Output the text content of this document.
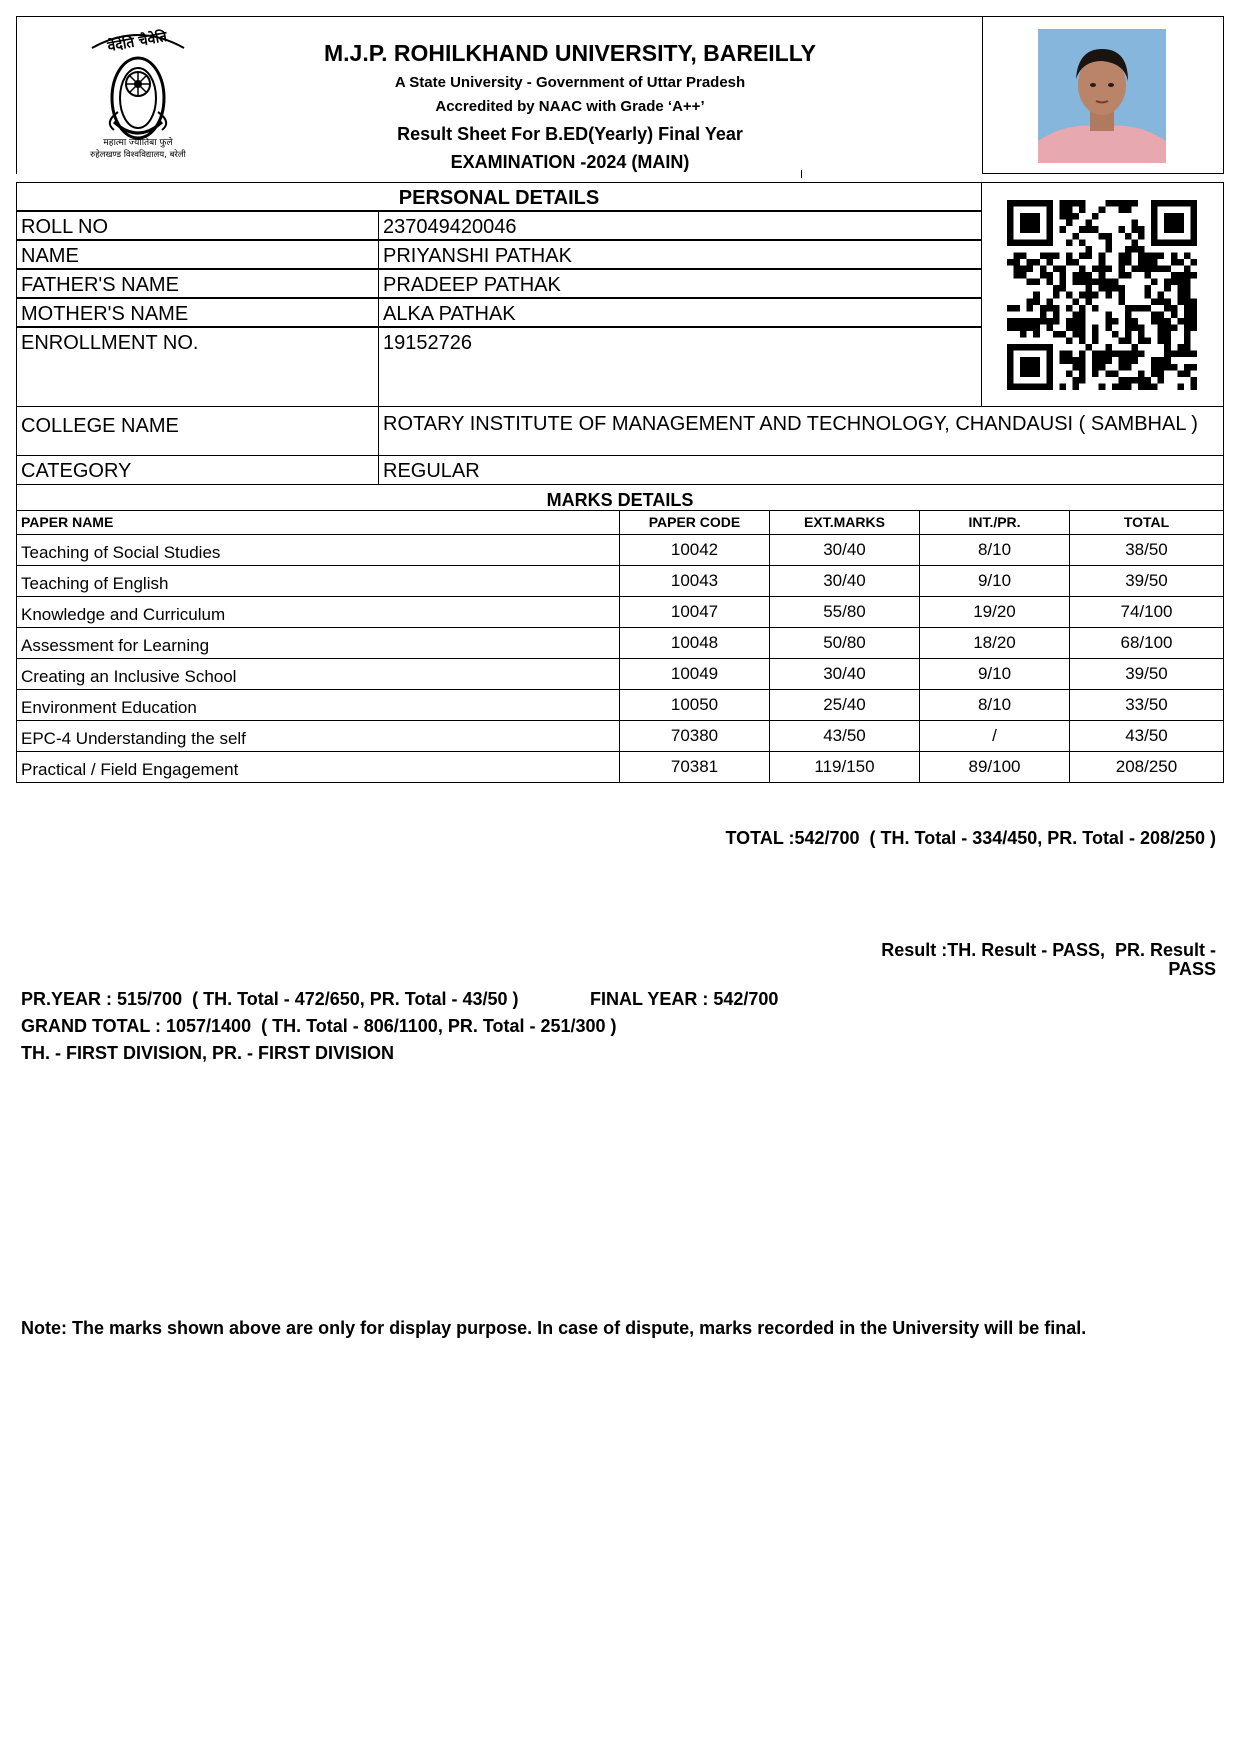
वेदेति चैवेति
महात्मा ज्योतिबा फुले
रुहेलखण्ड विश्वविद्यालय, बरेली
M.J.P. ROHILKHAND UNIVERSITY, BAREILLY
A State University - Government of Uttar Pradesh
Accredited by NAAC with Grade ‘A++’
Result Sheet For B.ED(Yearly) Final Year
EXAMINATION -2024 (MAIN)
PERSONAL DETAILS
ROLL NO	237049420046
NAME	PRIYANSHI PATHAK
FATHER'S NAME	PRADEEP PATHAK
MOTHER'S NAME	ALKA PATHAK
ENROLLMENT NO.	19152726
COLLEGE NAME	ROTARY INSTITUTE OF MANAGEMENT AND TECHNOLOGY, CHANDAUSI ( SAMBHAL )
CATEGORY	REGULAR
MARKS DETAILS
PAPER NAME	PAPER CODE	EXT.MARKS	INT./PR.	TOTAL
Teaching of Social Studies	10042	30/40	8/10	38/50
Teaching of English	10043	30/40	9/10	39/50
Knowledge and Curriculum	10047	55/80	19/20	74/100
Assessment for Learning	10048	50/80	18/20	68/100
Creating an Inclusive School	10049	30/40	9/10	39/50
Environment Education	10050	25/40	8/10	33/50
EPC-4 Understanding the self	70380	43/50	/	43/50
Practical / Field Engagement	70381	119/150	89/100	208/250
TOTAL :542/700  ( TH. Total - 334/450, PR. Total - 208/250 )
Result :TH. Result - PASS,  PR. Result -
PASS
PR.YEAR : 515/700  ( TH. Total - 472/650, PR. Total - 43/50 )	FINAL YEAR : 542/700
GRAND TOTAL : 1057/1400  ( TH. Total - 806/1100, PR. Total - 251/300 )
TH. - FIRST DIVISION, PR. - FIRST DIVISION
Note: The marks shown above are only for display purpose. In case of dispute, marks recorded in the University will be final.
